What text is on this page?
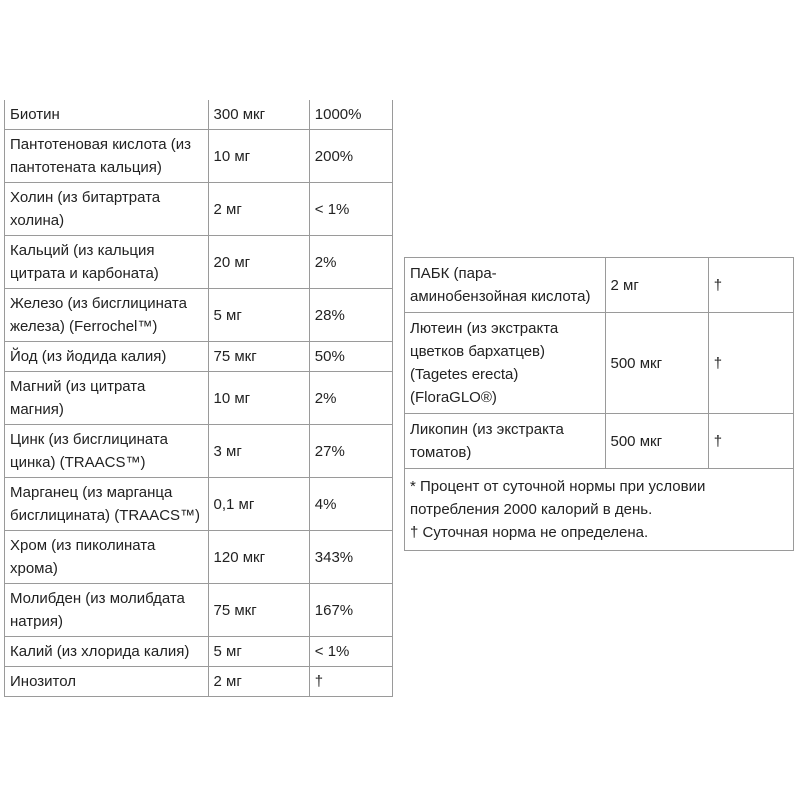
Биотин	300 мкг	1000%
Пантотеновая кислота (из пантотената кальция)	10 мг	200%
Холин (из битартрата холина)	2 мг	< 1%
Кальций (из кальция цитрата и карбоната)	20 мг	2%
Железо (из бисглицината железа) (Ferrochel™)	5 мг	28%
Йод (из йодида калия)	75 мкг	50%
Магний (из цитрата магния)	10 мг	2%
Цинк (из бисглицината цинка) (TRAACS™)	3 мг	27%
Марганец (из марганца бисглицината) (TRAACS™)	0,1 мг	4%
Хром (из пиколината хрома)	120 мкг	343%
Молибден (из молибдата натрия)	75 мкг	167%
Калий (из хлорида калия)	5 мг	< 1%
Инозитол	2 мг	†
ПАБК (пара-аминобензойная кислота)	2 мг	†
Лютеин (из экстракта цветков бархатцев) (Tagetes erecta) (FloraGLO®)	500 мкг	†
Ликопин (из экстракта томатов)	500 мкг	†

* Процент от суточной нормы при условии потребления 2000 калорий в день.
† Суточная норма не определена.		
